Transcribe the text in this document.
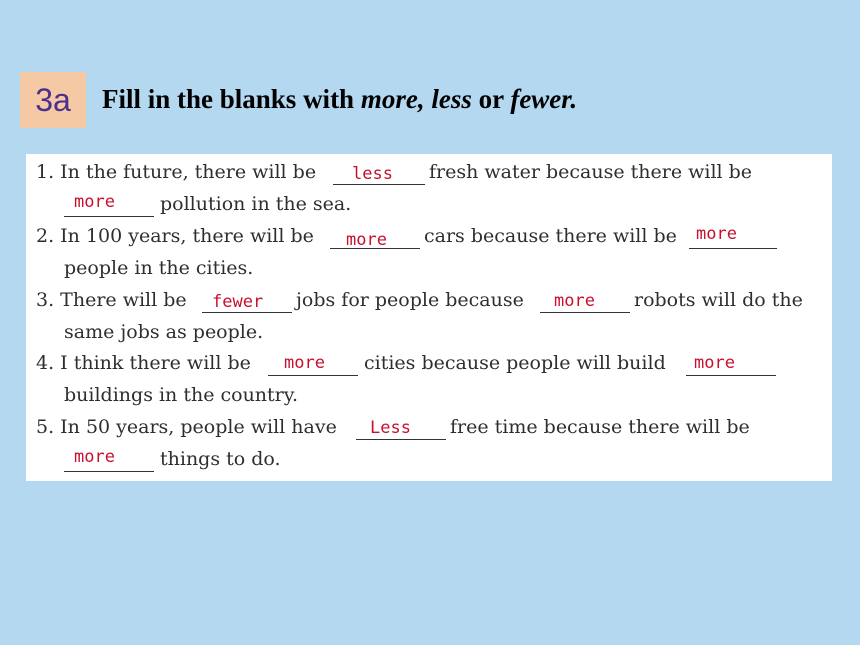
3a	Fill in the blanks with more, less or fewer.
1. In the future, there will be less fresh water because there will be
more pollution in the sea.
2. In 100 years, there will be more cars because there will be more
people in the cities.
3. There will be fewer jobs for people because more robots will do the
same jobs as people.
4. I think there will be more cities because people will build more
buildings in the country.
5. In 50 years, people will have Less free time because there will be
more things to do.
